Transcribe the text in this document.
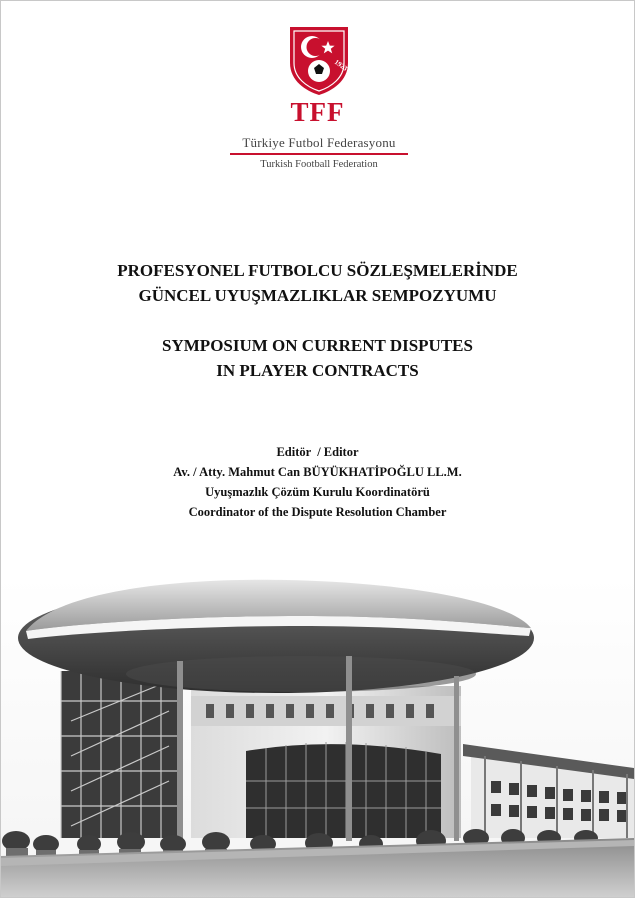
1923
TFF
Türkiye Futbol Federasyonu
Turkish Football Federation
PROFESYONEL FUTBOLCU SÖZLEŞMELERİNDE
GÜNCEL UYUŞMAZLIKLAR SEMPOZYUMU
SYMPOSIUM ON CURRENT DISPUTES
IN PLAYER CONTRACTS
Editör  / Editor
Av. / Atty. Mahmut Can BÜYÜKHATİPOĞLU LL.M.
Uyuşmazlık Çözüm Kurulu Koordinatörü
Coordinator of the Dispute Resolution Chamber
